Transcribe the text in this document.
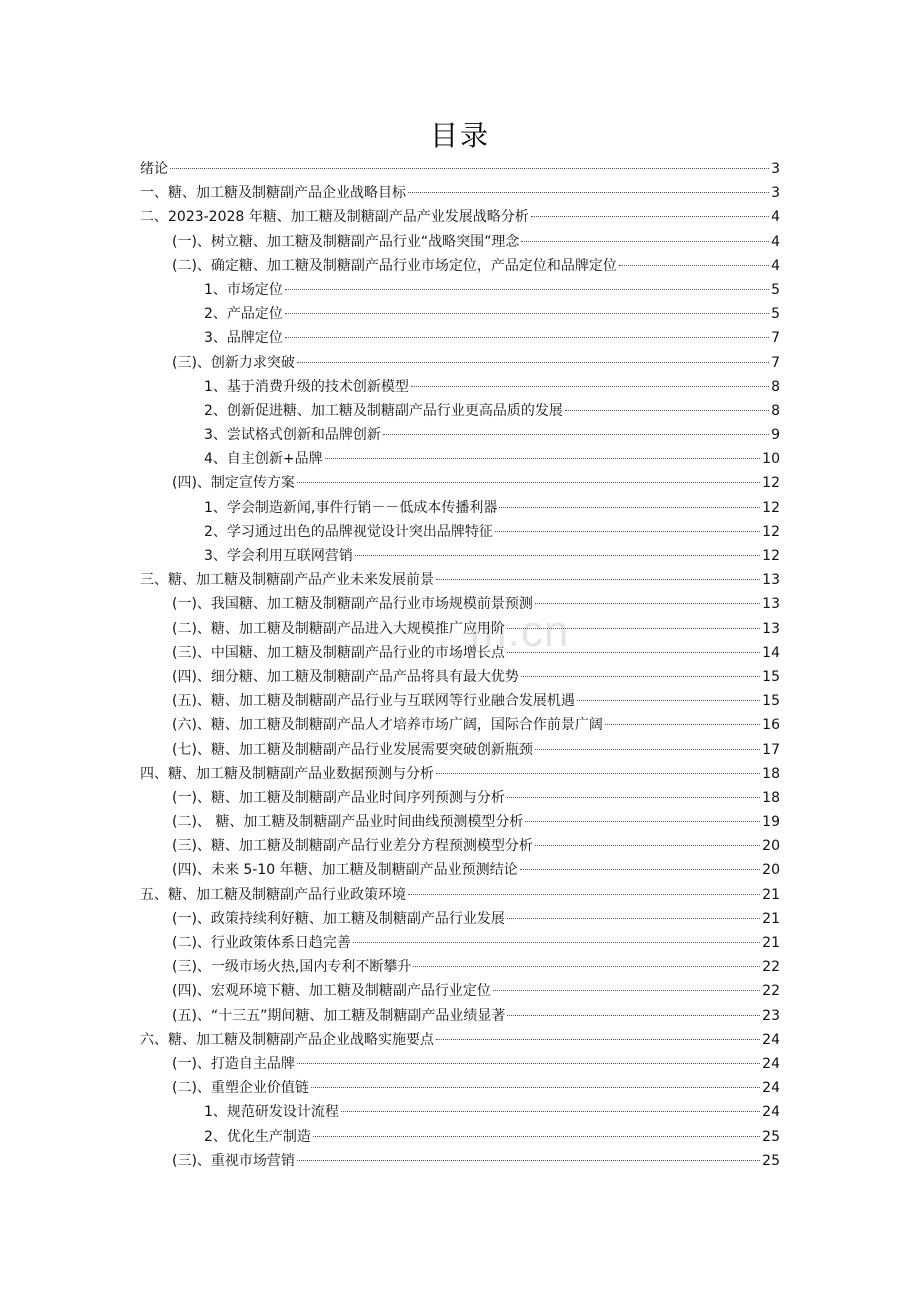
目录
m.cn
绪论	3
一、糖、加工糖及制糖副产品企业战略目标	3
二、2023-2028 年糖、加工糖及制糖副产品产业发展战略分析	4
(一)、树立糖、加工糖及制糖副产品行业“战略突围”理念	4
(二)、确定糖、加工糖及制糖副产品行业市场定位，产品定位和品牌定位	4
1、市场定位	5
2、产品定位	5
3、品牌定位	7
(三)、创新力求突破	7
1、基于消费升级的技术创新模型	8
2、创新促进糖、加工糖及制糖副产品行业更高品质的发展	8
3、尝试格式创新和品牌创新	9
4、自主创新+品牌	10
(四)、制定宣传方案	12
1、学会制造新闻,事件行销－－低成本传播利器	12
2、学习通过出色的品牌视觉设计突出品牌特征	12
3、学会利用互联网营销	12
三、糖、加工糖及制糖副产品产业未来发展前景	13
(一)、我国糖、加工糖及制糖副产品行业市场规模前景预测	13
(二)、糖、加工糖及制糖副产品进入大规模推广应用阶	13
(三)、中国糖、加工糖及制糖副产品行业的市场增长点	14
(四)、细分糖、加工糖及制糖副产品产品将具有最大优势	15
(五)、糖、加工糖及制糖副产品行业与互联网等行业融合发展机遇	15
(六)、糖、加工糖及制糖副产品人才培养市场广阔，国际合作前景广阔	16
(七)、糖、加工糖及制糖副产品行业发展需要突破创新瓶颈	17
四、糖、加工糖及制糖副产品业数据预测与分析	18
(一)、糖、加工糖及制糖副产品业时间序列预测与分析	18
(二)、 糖、加工糖及制糖副产品业时间曲线预测模型分析	19
(三)、糖、加工糖及制糖副产品行业差分方程预测模型分析	20
(四)、未来 5-10 年糖、加工糖及制糖副产品业预测结论	20
五、糖、加工糖及制糖副产品行业政策环境	21
(一)、政策持续利好糖、加工糖及制糖副产品行业发展	21
(二)、行业政策体系日趋完善	21
(三)、一级市场火热,国内专利不断攀升	22
(四)、宏观环境下糖、加工糖及制糖副产品行业定位	22
(五)、“十三五”期间糖、加工糖及制糖副产品业绩显著	23
六、糖、加工糖及制糖副产品企业战略实施要点	24
(一)、打造自主品牌	24
(二)、重塑企业价值链	24
1、规范研发设计流程	24
2、优化生产制造	25
(三)、重视市场营销	25
